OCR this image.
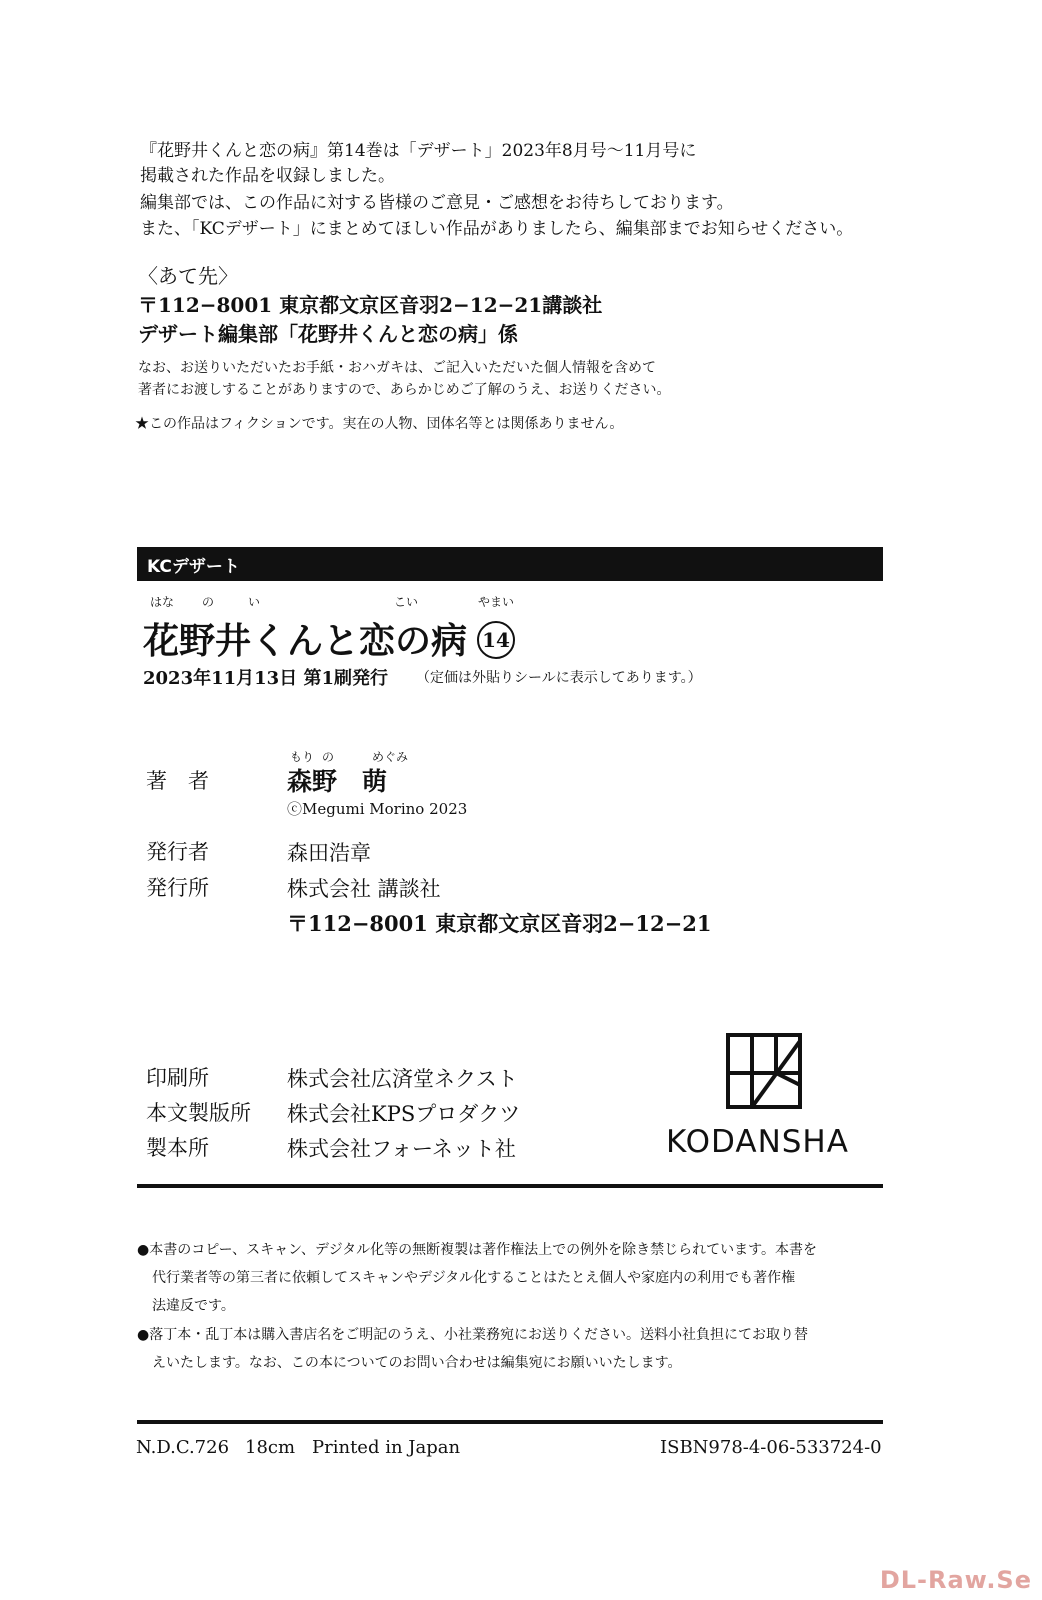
『花野井くんと恋の病』第14巻は「デザート」2023年8月号～11月号に
掲載された作品を収録しました。
編集部では、この作品に対する皆様のご意見・ご感想をお待ちしております。
また、「KCデザート」にまとめてほしい作品がありましたら、編集部までお知らせください。
〈あて先〉
〒112−8001 東京都文京区音羽2−12−21講談社
デザート編集部「花野井くんと恋の病」係
なお、お送りいただいたお手紙・おハガキは、ご記入いただいた個人情報を含めて
著者にお渡しすることがありますので、あらかじめご了解のうえ、お送りください。
★この作品はフィクションです。実在の人物、団体名等とは関係ありません。
KCデザート
はな の	い	こい	やまい
花野井くんと恋の病 14
2023年11月13日 第1刷発行 （定価は外貼りシールに表示してあります。）
もり の	めぐみ
著　者	森野　萌
ⓒMegumi Morino 2023
発行者	森田浩章
発行所	株式会社 講談社
〒112−8001 東京都文京区音羽2−12−21
印刷所	株式会社広済堂ネクスト
本文製版所 株式会社KPSプロダクツ
製本所	株式会社フォーネット社	KODANSHA
●本書のコピー、スキャン、デジタル化等の無断複製は著作権法上での例外を除き禁じられています。本書を
代行業者等の第三者に依頼してスキャンやデジタル化することはたとえ個人や家庭内の利用でも著作権
法違反です。
●落丁本・乱丁本は購入書店名をご明記のうえ、小社業務宛にお送りください。送料小社負担にてお取り替
えいたします。なお、この本についてのお問い合わせは編集宛にお願いいたします。
N.D.C.726 18cm Printed in Japan	ISBN978-4-06-533724-0
DL-Raw.Se
